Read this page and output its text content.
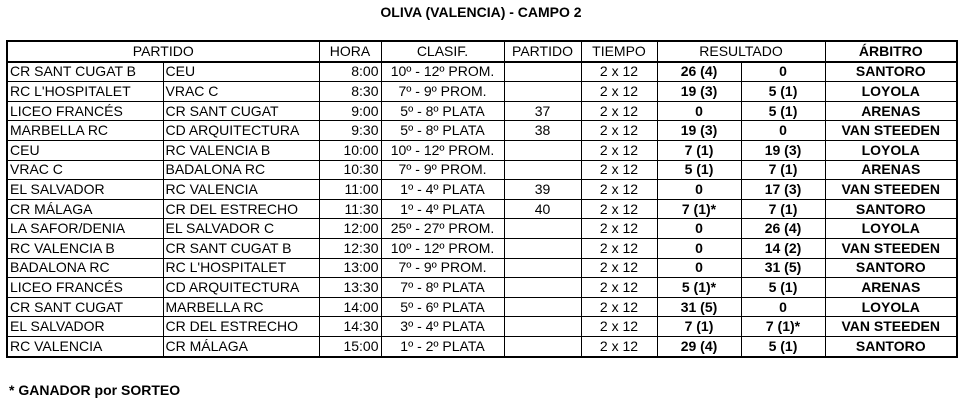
OLIVA (VALENCIA) - CAMPO 2
PARTIDO		HORA	CLASIF.	PARTIDO	TIEMPO	RESULTADO		ÁRBITRO
CR SANT CUGAT B	CEU	8:00	10º - 12º PROM.		2 x 12	26 (4)	0	SANTORO
RC L'HOSPITALET	VRAC C	8:30	7º - 9º PROM.		2 x 12	19 (3)	5 (1)	LOYOLA
LICEO FRANCÉS	CR SANT CUGAT	9:00	5º - 8º PLATA	37	2 x 12	0	5 (1)	ARENAS
MARBELLA RC	CD ARQUITECTURA	9:30	5º - 8º PLATA	38	2 x 12	19 (3)	0	VAN STEEDEN
CEU	RC VALENCIA B	10:00	10º - 12º PROM.		2 x 12	7 (1)	19 (3)	LOYOLA
VRAC C	BADALONA RC	10:30	7º - 9º PROM.		2 x 12	5 (1)	7 (1)	ARENAS
EL SALVADOR	RC VALENCIA	11:00	1º - 4º PLATA	39	2 x 12	0	17 (3)	VAN STEEDEN
CR MÁLAGA	CR DEL ESTRECHO	11:30	1º - 4º PLATA	40	2 x 12	7 (1)*	7 (1)	SANTORO
LA SAFOR/DENIA	EL SALVADOR C	12:00	25º - 27º PROM.		2 x 12	0	26 (4)	LOYOLA
RC VALENCIA B	CR SANT CUGAT B	12:30	10º - 12º PROM.		2 x 12	0	14 (2)	VAN STEEDEN
BADALONA RC	RC L'HOSPITALET	13:00	7º - 9º PROM.		2 x 12	0	31 (5)	SANTORO
LICEO FRANCÉS	CD ARQUITECTURA	13:30	7º - 8º PLATA		2 x 12	5 (1)*	5 (1)	ARENAS
CR SANT CUGAT	MARBELLA RC	14:00	5º - 6º PLATA		2 x 12	31 (5)	0	LOYOLA
EL SALVADOR	CR DEL ESTRECHO	14:30	3º - 4º PLATA		2 x 12	7 (1)	7 (1)*	VAN STEEDEN
RC VALENCIA	CR MÁLAGA	15:00	1º - 2º PLATA		2 x 12	29 (4)	5 (1)	SANTORO
* GANADOR por SORTEO
